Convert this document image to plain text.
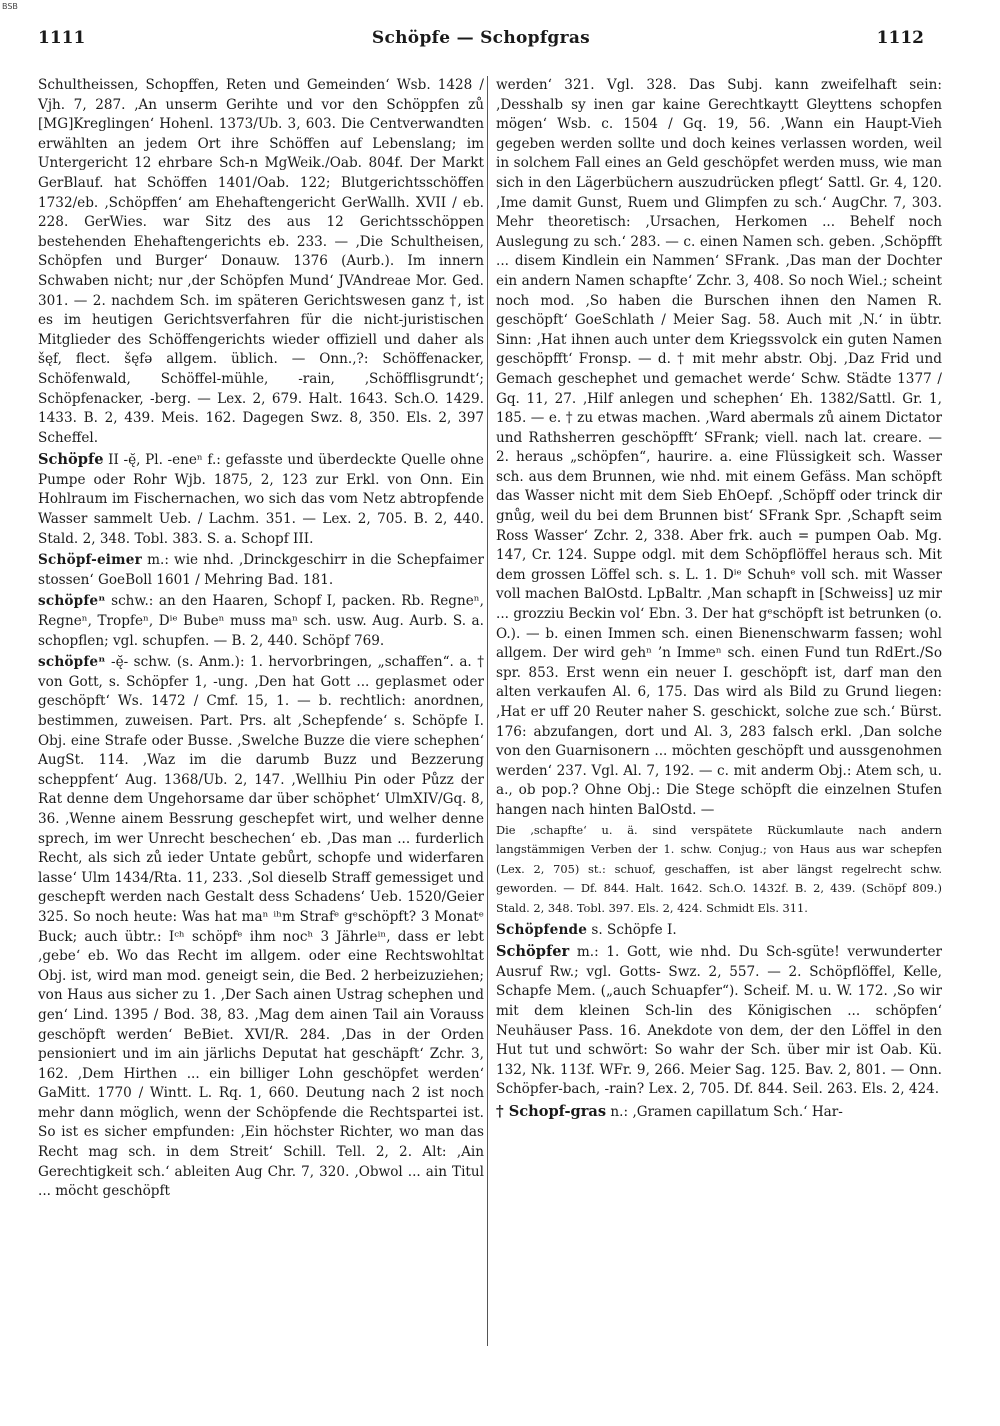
BSB
1111	Schöpfe — Schopfgras	1112

Schultheissen, Schopffen, Reten und Gemeinden‘ Wsb. 1428 / Vjh. 7, 287. ‚An unserm Gerihte und vor den Schöppfen zů [MG]Kreglingen‘ Hohenl. 1373/Ub. 3, 603. Die Centverwandten erwählten an jedem Ort ihre Schöffen auf Lebenslang; im Untergericht 12 ehrbare Sch-n MgWeik./Oab. 804f. Der Markt GerBlauf. hat Schöffen 1401/Oab. 122; Blutgerichtsschöffen 1732/eb. ‚Schöpffen‘ am Ehehaftengericht GerWallh. XVII / eb. 228. GerWies. war Sitz des aus 12 Gerichtsschöppen bestehenden Ehehaftengerichts eb. 233. — ‚Die Schultheisen, Schöpfen und Burger‘ Donauw. 1376 (Aurb.). Im innern Schwaben nicht; nur ‚der Schöpfen Mund‘ JVAndreae Mor. Ged. 301. — 2. nachdem Sch. im späteren Gerichtswesen ganz †, ist es im heutigen Gerichtsverfahren für die nicht-juristischen Mitglieder des Schöffengerichts wieder offiziell und daher als šęf, flect. šęfə allgem. üblich. — Onn.,?: Schöffenacker, Schöfenwald, Schöffel-mühle, -rain, ‚Schöfflisgrundt‘; Schöpfenacker, -berg. — Lex. 2, 679. Halt. 1643. Sch.O. 1429. 1433. B. 2, 439. Meis. 162. Dagegen Swz. 8, 350. Els. 2, 397 Scheffel.

Schöpfe II -ę̆, Pl. -eneⁿ f.: gefasste und überdeckte Quelle ohne Pumpe oder Rohr Wjb. 1875, 2, 123 zur Erkl. von Onn. Ein Hohlraum im Fischernachen, wo sich das vom Netz abtropfende Wasser sammelt Ueb. / Lachm. 351. — Lex. 2, 705. B. 2, 440. Stald. 2, 348. Tobl. 383. S. a. Schopf III.

Schöpf-eimer m.: wie nhd. ‚Drinckgeschirr in die Schepfaimer stossen‘ GoeBoll 1601 / Mehring Bad. 181.

schöpfeⁿ schw.: an den Haaren, Schopf I, packen. Rb. Regneⁿ, Regneⁿ, Tropfeⁿ, Dⁱᵉ Bubeⁿ muss maⁿ sch. usw. Aug. Aurb. S. a. schopflen; vgl. schupfen. — B. 2, 440. Schöpf 769.

schöpfeⁿ -ę̆- schw. (s. Anm.): 1. hervorbringen, „schaffen“. a. † von Gott, s. Schöpfer 1, -ung. ‚Den hat Gott ... geplasmet oder geschöpft‘ Ws. 1472 / Cmf. 15, 1. — b. rechtlich: anordnen, bestimmen, zuweisen. Part. Prs. alt ‚Schepfende‘ s. Schöpfe I. Obj. eine Strafe oder Busse. ‚Swelche Buzze die viere schephen‘ AugSt. 114. ‚Waz im die darumb Buzz und Bezzerung scheppfent‘ Aug. 1368/Ub. 2, 147. ‚Wellhiu Pin oder Půzz der Rat denne dem Ungehorsame dar über schöphet‘ UlmXIV/Gq. 8, 36. ‚Wenne ainem Bessrung geschepfet wirt, und welher denne sprech, im wer Unrecht beschechen‘ eb. ‚Das man ... furderlich Recht, als sich zů ieder Untate gebůrt, schopfe und widerfaren lasse‘ Ulm 1434/Rta. 11, 233. ‚Sol dieselb Straff gemessiget und geschepft werden nach Gestalt dess Schadens‘ Ueb. 1520/Geier 325. So noch heute: Was hat maⁿ ⁱʰm Strafᵉ gᵉschöpft? 3 Monatᵉ Buck; auch übtr.: Iᶜʰ schöpfᵉ ihm nocʰ 3 Jährleⁱⁿ, dass er lebt ‚gebe‘ eb. Wo das Recht im allgem. oder eine Rechtswohltat Obj. ist, wird man mod. geneigt sein, die Bed. 2 herbeizuziehen; von Haus aus sicher zu 1. ‚Der Sach ainen Ustrag schephen und gen‘ Lind. 1395 / Bod. 38, 83. ‚Mag dem ainen Tail ain Vorauss geschöpft werden‘ BeBiet. XVI/R. 284. ‚Das in der Orden pensioniert und im ain järlichs Deputat hat geschäpft‘ Zchr. 3, 162. ‚Dem Hirthen ... ein billiger Lohn geschöpfet werden‘ GaMitt. 1770 / Wintt. L. Rq. 1, 660. Deutung nach 2 ist noch mehr dann möglich, wenn der Schöpfende die Rechtspartei ist. So ist es sicher empfunden: ‚Ein höchster Richter, wo man das Recht mag sch. in dem Streit‘ Schill. Tell. 2, 2. Alt: ‚Ain Gerechtigkeit sch.‘ ableiten Aug Chr. 7, 320. ‚Obwol ... ain Titul ... möcht geschöpft

werden‘ 321. Vgl. 328. Das Subj. kann zweifelhaft sein: ‚Desshalb sy inen gar kaine Gerechtkaytt Gleyttens schopfen mögen‘ Wsb. c. 1504 / Gq. 19, 56. ‚Wann ein Haupt-Vieh gegeben werden sollte und doch keines verlassen worden, weil in solchem Fall eines an Geld geschöpfet werden muss, wie man sich in den Lägerbüchern auszudrücken pflegt‘ Sattl. Gr. 4, 120. ‚Ime damit Gunst, Ruem und Glimpfen zu sch.‘ AugChr. 7, 303. Mehr theoretisch: ‚Ursachen, Herkomen ... Behelf noch Auslegung zu sch.‘ 283. — c. einen Namen sch. geben. ‚Schöpfft ... disem Kindlein ein Nammen‘ SFrank. ‚Das man der Dochter ein andern Namen schapfte‘ Zchr. 3, 408. So noch Wiel.; scheint noch mod. ‚So haben die Burschen ihnen den Namen R. geschöpft‘ GoeSchlath / Meier Sag. 58. Auch mit ‚N.‘ in übtr. Sinn: ‚Hat ihnen auch unter dem Kriegssvolck ein guten Namen geschöpfft‘ Fronsp. — d. † mit mehr abstr. Obj. ‚Daz Frid und Gemach geschephet und gemachet werde‘ Schw. Städte 1377 / Gq. 11, 27. ‚Hilf anlegen und schephen‘ Eh. 1382/Sattl. Gr. 1, 185. — e. † zu etwas machen. ‚Ward abermals zů ainem Dictator und Rathsherren geschöpfft‘ SFrank; viell. nach lat. creare. — 2. heraus „schöpfen“, haurire. a. eine Flüssigkeit sch. Wasser sch. aus dem Brunnen, wie nhd. mit einem Gefäss. Man schöpft das Wasser nicht mit dem Sieb EhOepf. ‚Schöpff oder trinck dir gnůg, weil du bei dem Brunnen bist‘ SFrank Spr. ‚Schapft seim Ross Wasser‘ Zchr. 2, 338. Aber frk. auch = pumpen Oab. Mg. 147, Cr. 124. Suppe odgl. mit dem Schöpflöffel heraus sch. Mit dem grossen Löffel sch. s. L. 1. Dⁱᵉ Schuhᵉ voll sch. mit Wasser voll machen BalOstd. LpBaltr. ‚Man schapft in [Schweiss] uz mir ... grozziu Beckin vol‘ Ebn. 3. Der hat gᵉschöpft ist betrunken (o. O.). — b. einen Immen sch. einen Bienenschwarm fassen; wohl allgem. Der wird gehⁿ ’n Immeⁿ sch. einen Fund tun RdErt./So spr. 853. Erst wenn ein neuer I. geschöpft ist, darf man den alten verkaufen Al. 6, 175. Das wird als Bild zu Grund liegen: ‚Hat er uff 20 Reuter naher S. geschickt, solche zue sch.‘ Bürst. 176: abzufangen, dort und Al. 3, 283 falsch erkl. ‚Dan solche von den Guarnisonern ... möchten geschöpft und aussgenohmen werden‘ 237. Vgl. Al. 7, 192. — c. mit anderm Obj.: Atem sch, u. a., ob pop.? Ohne Obj.: Die Stege schöpft die einzelnen Stufen hangen nach hinten BalOstd. —

Die ‚schapfte‘ u. ä. sind verspätete Rückumlaute nach andern langstämmigen Verben der 1. schw. Conjug.; von Haus aus war schepfen (Lex. 2, 705) st.: schuof, geschaffen, ist aber längst regelrecht schw. geworden. — Df. 844. Halt. 1642. Sch.O. 1432f. B. 2, 439. (Schöpf 809.) Stald. 2, 348. Tobl. 397. Els. 2, 424. Schmidt Els. 311.

Schöpfende s. Schöpfe I.

Schöpfer m.: 1. Gott, wie nhd. Du Sch-sgüte! verwunderter Ausruf Rw.; vgl. Gotts- Swz. 2, 557. — 2. Schöpflöffel, Kelle, Schapfe Mem. („auch Schuapfer“). Scheif. M. u. W. 172. ‚So wir mit dem kleinen Sch-lin des Königischen ... schöpfen‘ Neuhäuser Pass. 16. Anekdote von dem, der den Löffel in den Hut tut und schwört: So wahr der Sch. über mir ist Oab. Kü. 132, Nk. 113f. WFr. 9, 266. Meier Sag. 125. Bav. 2, 801. — Onn. Schöpfer-bach, -rain? Lex. 2, 705. Df. 844. Seil. 263. Els. 2, 424.

† Schopf-gras n.: ‚Gramen capillatum Sch.‘ Har-
